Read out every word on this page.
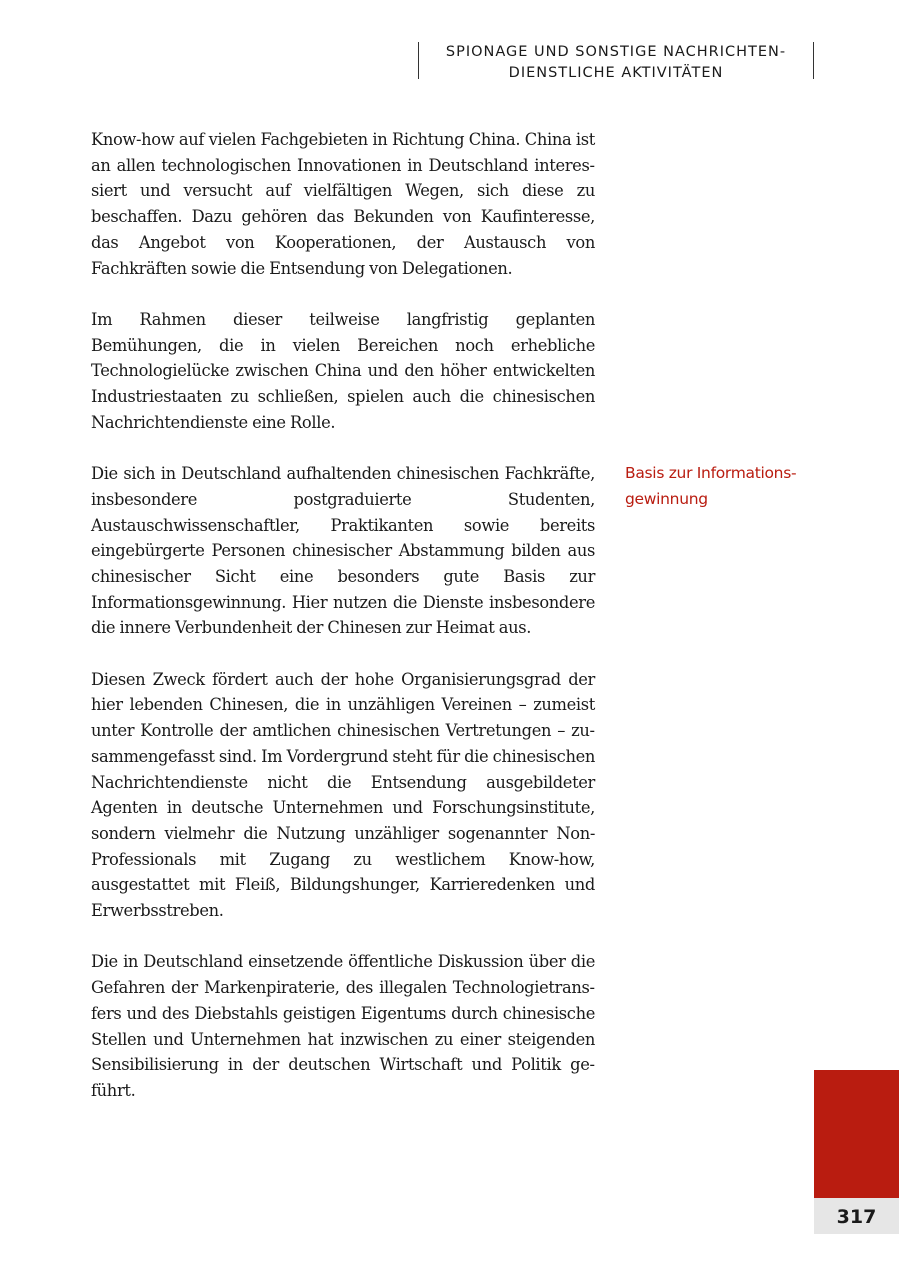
SPIONAGE UND SONSTIGE NACHRICHTEN-
DIENSTLICHE AKTIVITÄTEN

Know-how auf vielen Fachgebieten in Richtung China. China ist an allen technologischen Innovationen in Deutschland interessiert und versucht auf vielfältigen Wegen, sich diese zu beschaffen. Dazu gehören das Bekunden von Kaufinteresse, das Angebot von Kooperationen, der Austausch von Fachkräften sowie die Entsendung von Delegationen.

Im Rahmen dieser teilweise langfristig geplanten Bemühungen, die in vielen Bereichen noch erhebliche Technologielücke zwischen China und den höher entwickelten Industriestaaten zu schließen, spielen auch die chinesischen Nachrichtendienste eine Rolle.

Die sich in Deutschland aufhaltenden chinesischen Fachkräfte, insbesondere postgraduierte Studenten, Austauschwissenschaftler, Praktikanten sowie bereits eingebürgerte Personen chinesischer Abstammung bilden aus chinesischer Sicht eine besonders gute Basis zur Informationsgewinnung. Hier nutzen die Dienste insbesondere die innere Verbundenheit der Chinesen zur Heimat aus.

Diesen Zweck fördert auch der hohe Organisierungsgrad der hier lebenden Chinesen, die in unzähligen Vereinen – zumeist unter Kontrolle der amtlichen chinesischen Vertretungen – zusammengefasst sind. Im Vordergrund steht für die chinesischen Nachrichtendienste nicht die Entsendung ausgebildeter Agenten in deutsche Unternehmen und Forschungsinstitute, sondern vielmehr die Nutzung unzähliger sogenannter Non-Professionals mit Zugang zu westlichem Know-how, ausgestattet mit Fleiß, Bildungshunger, Karrieredenken und Erwerbsstreben.

Die in Deutschland einsetzende öffentliche Diskussion über die Gefahren der Markenpiraterie, des illegalen Technologietransfers und des Diebstahls geistigen Eigentums durch chinesische Stellen und Unternehmen hat inzwischen zu einer steigenden Sensibilisierung in der deutschen Wirtschaft und Politik geführt.

Basis zur Informations-
gewinnung
317
